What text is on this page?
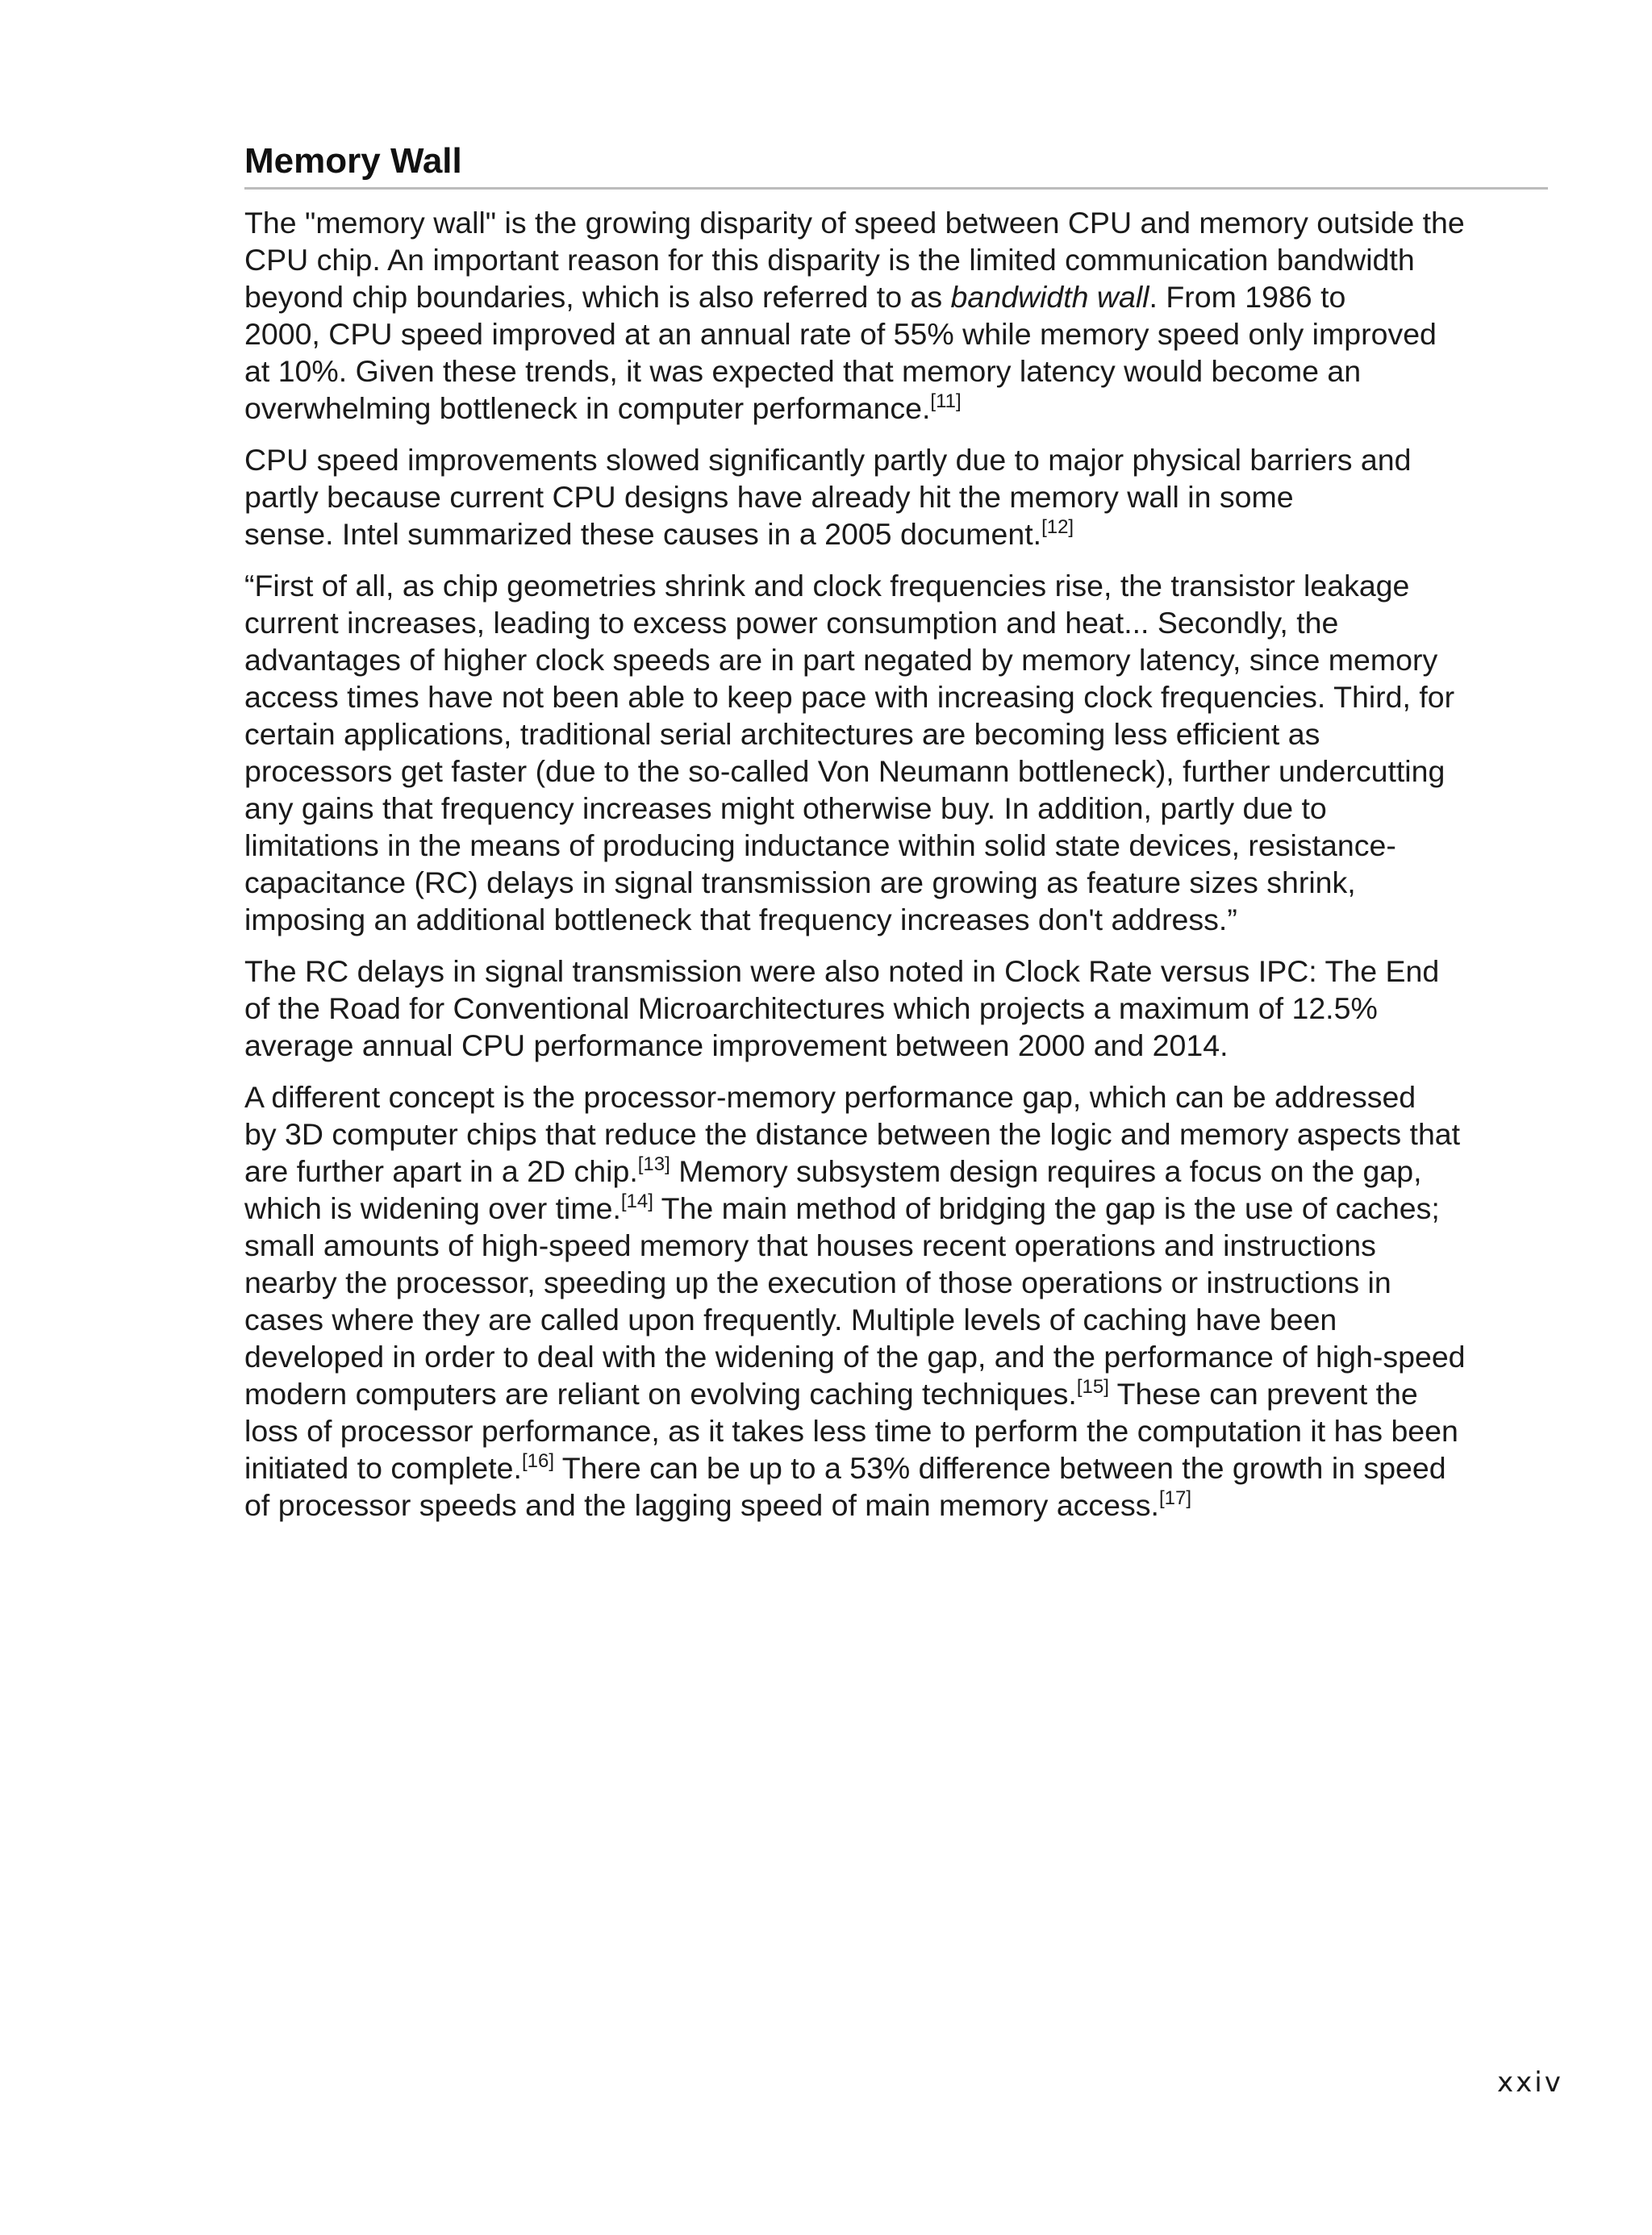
Memory Wall

The "memory wall" is the growing disparity of speed between CPU and memory outside the
CPU chip. An important reason for this disparity is the limited communication bandwidth
beyond chip boundaries, which is also referred to as bandwidth wall. From 1986 to
2000, CPU speed improved at an annual rate of 55% while memory speed only improved
at 10%. Given these trends, it was expected that memory latency would become an
overwhelming bottleneck in computer performance.[11]

CPU speed improvements slowed significantly partly due to major physical barriers and
partly because current CPU designs have already hit the memory wall in some
sense. Intel summarized these causes in a 2005 document.[12]

“First of all, as chip geometries shrink and clock frequencies rise, the transistor leakage
current increases, leading to excess power consumption and heat... Secondly, the
advantages of higher clock speeds are in part negated by memory latency, since memory
access times have not been able to keep pace with increasing clock frequencies. Third, for
certain applications, traditional serial architectures are becoming less efficient as
processors get faster (due to the so-called Von Neumann bottleneck), further undercutting
any gains that frequency increases might otherwise buy. In addition, partly due to
limitations in the means of producing inductance within solid state devices, resistance-
capacitance (RC) delays in signal transmission are growing as feature sizes shrink,
imposing an additional bottleneck that frequency increases don't address.”

The RC delays in signal transmission were also noted in Clock Rate versus IPC: The End
of the Road for Conventional Microarchitectures which projects a maximum of 12.5%
average annual CPU performance improvement between 2000 and 2014.

A different concept is the processor-memory performance gap, which can be addressed
by 3D computer chips that reduce the distance between the logic and memory aspects that
are further apart in a 2D chip.[13] Memory subsystem design requires a focus on the gap,
which is widening over time.[14] The main method of bridging the gap is the use of caches;
small amounts of high-speed memory that houses recent operations and instructions
nearby the processor, speeding up the execution of those operations or instructions in
cases where they are called upon frequently. Multiple levels of caching have been
developed in order to deal with the widening of the gap, and the performance of high-speed
modern computers are reliant on evolving caching techniques.[15] These can prevent the
loss of processor performance, as it takes less time to perform the computation it has been
initiated to complete.[16] There can be up to a 53% difference between the growth in speed
of processor speeds and the lagging speed of main memory access.[17]

xxiv
